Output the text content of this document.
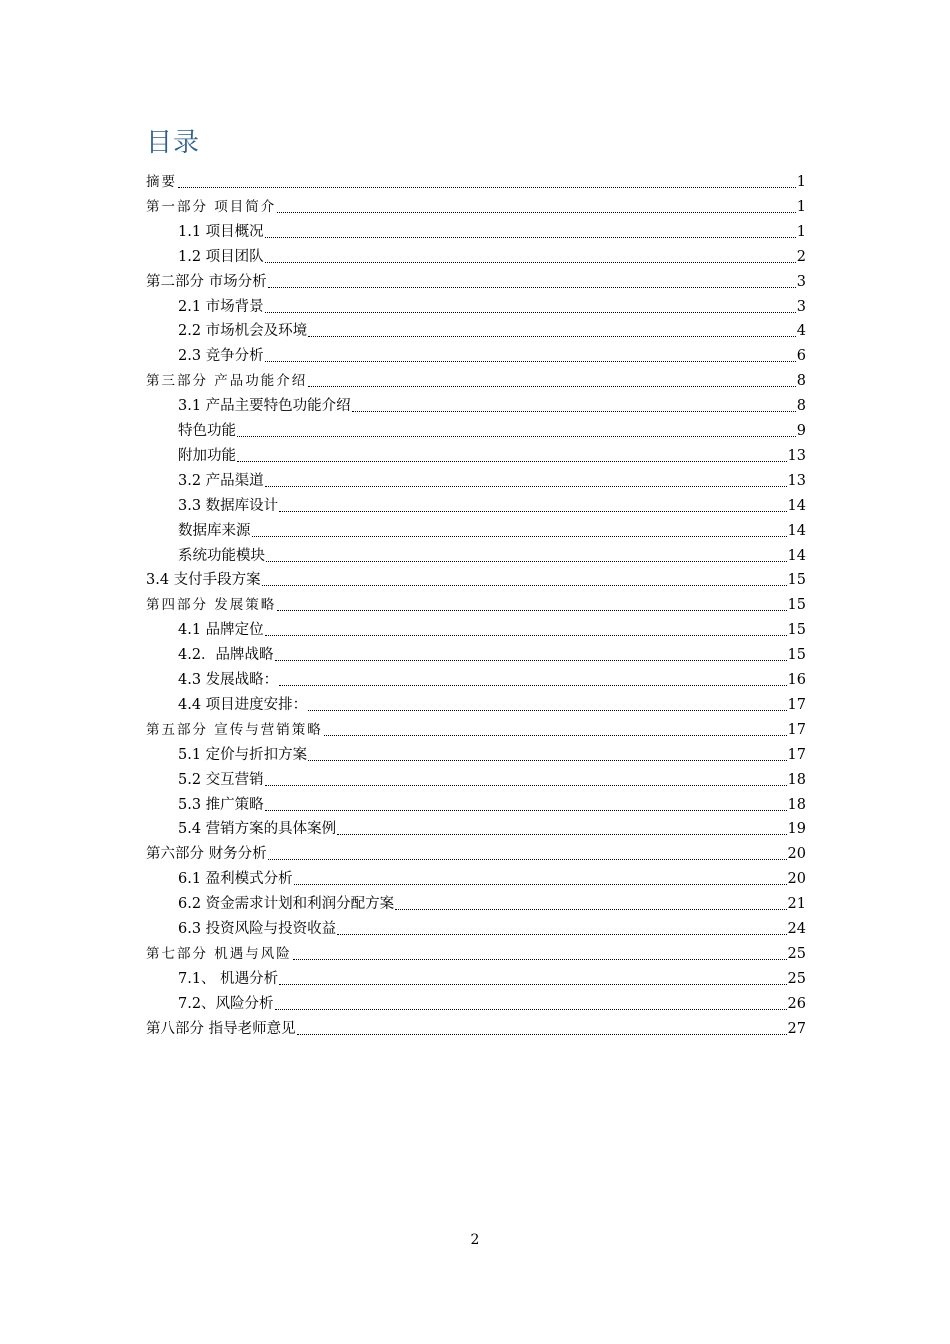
目录
摘要	1
第一部分 项目简介	1
1.1 项目概况	1
1.2 项目团队	2
第二部分 市场分析	3
2.1 市场背景	3
2.2 市场机会及环境	4
2.3 竞争分析	6
第三部分 产品功能介绍	8
3.1 产品主要特色功能介绍	8
特色功能	9
附加功能	13
3.2 产品渠道	13
3.3 数据库设计	14
数据库来源	14
系统功能模块	14
3.4 支付手段方案	15
第四部分 发展策略	15
4.1 品牌定位	15
4.2．品牌战略	15
4.3 发展战略：	16
4.4 项目进度安排：	17
第五部分 宣传与营销策略	17
5.1 定价与折扣方案	17
5.2 交互营销	18
5.3 推广策略	18
5.4 营销方案的具体案例	19
第六部分 财务分析	20
6.1 盈利模式分析	20
6.2 资金需求计划和利润分配方案	21
6.3 投资风险与投资收益	24
第七部分 机遇与风险	25
7.1、 机遇分析	25
7.2、风险分析	26
第八部分 指导老师意见	27
2
